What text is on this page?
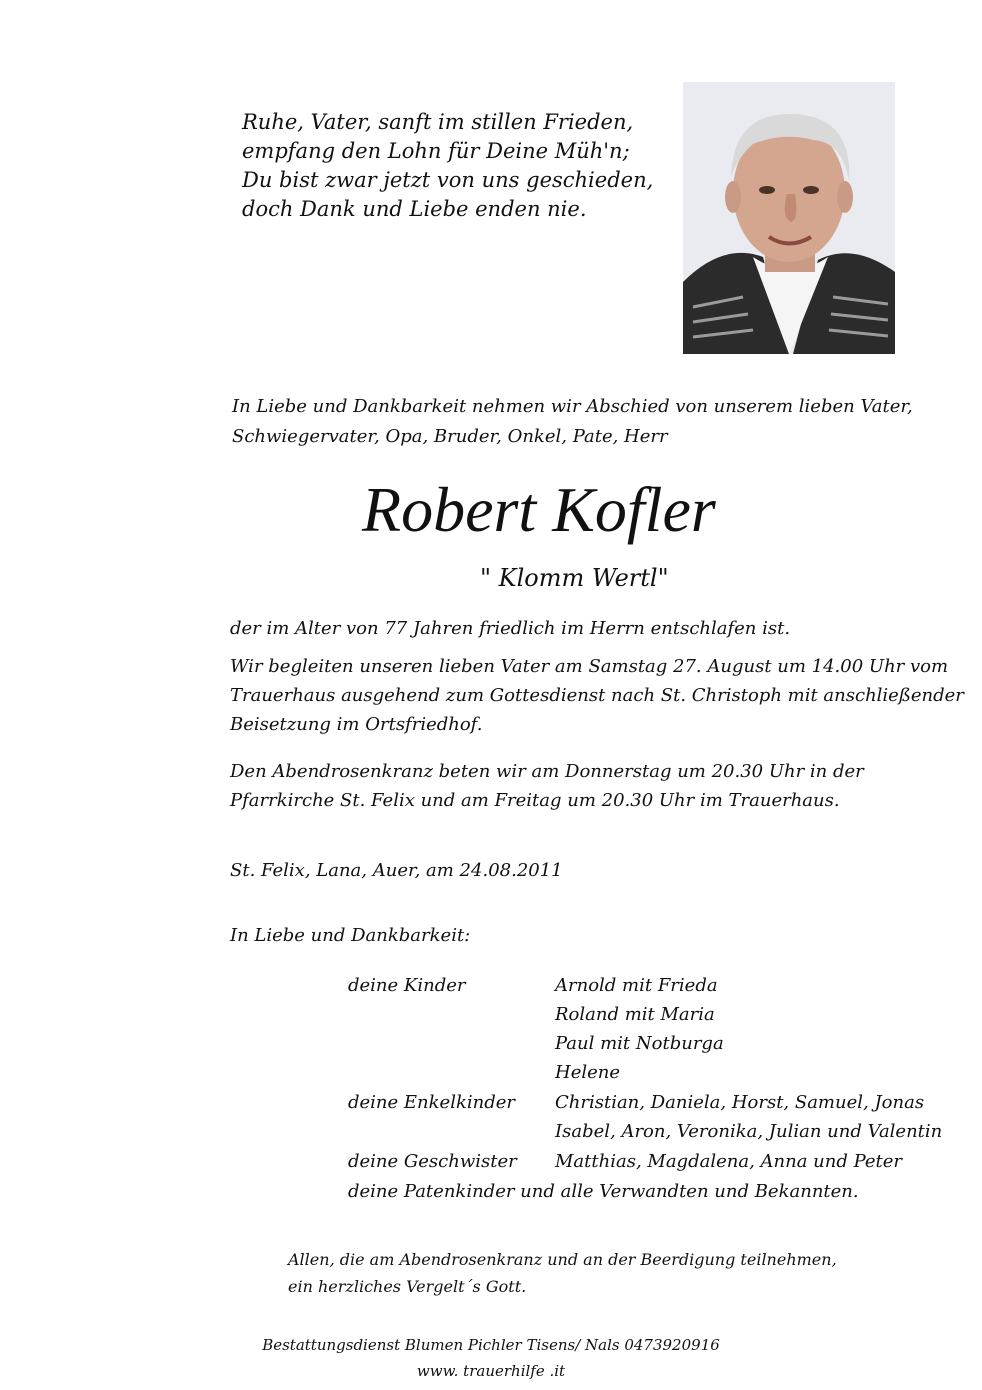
Ruhe, Vater, sanft im stillen Frieden,
empfang den Lohn für Deine Müh'n;
Du bist zwar jetzt von uns geschieden,
doch Dank und Liebe enden nie.
In Liebe und Dankbarkeit nehmen wir Abschied von unserem lieben Vater,
Schwiegervater, Opa, Bruder, Onkel, Pate, Herr
Robert Kofler
" Klomm Wertl"
der im Alter von 77 Jahren friedlich im Herrn entschlafen ist.
Wir begleiten unseren lieben Vater am Samstag 27. August um 14.00 Uhr vom
Trauerhaus ausgehend zum Gottesdienst nach St. Christoph mit anschließender
Beisetzung im Ortsfriedhof.
Den Abendrosenkranz beten wir am Donnerstag um 20.30 Uhr in der
Pfarrkirche St. Felix und am Freitag um 20.30 Uhr im Trauerhaus.
St. Felix, Lana, Auer, am 24.08.2011
In Liebe und Dankbarkeit:
deine Kinder	Arnold mit Frieda
Roland mit Maria
Paul mit Notburga
Helene
deine Enkelkinder Christian, Daniela, Horst, Samuel, Jonas
Isabel, Aron, Veronika, Julian und Valentin
deine Geschwister Matthias, Magdalena, Anna und Peter
deine Patenkinder und alle Verwandten und Bekannten.
Allen, die am Abendrosenkranz und an der Beerdigung teilnehmen,
ein herzliches Vergelt´s Gott.
Bestattungsdienst Blumen Pichler Tisens/ Nals 0473920916
www. trauerhilfe .it
